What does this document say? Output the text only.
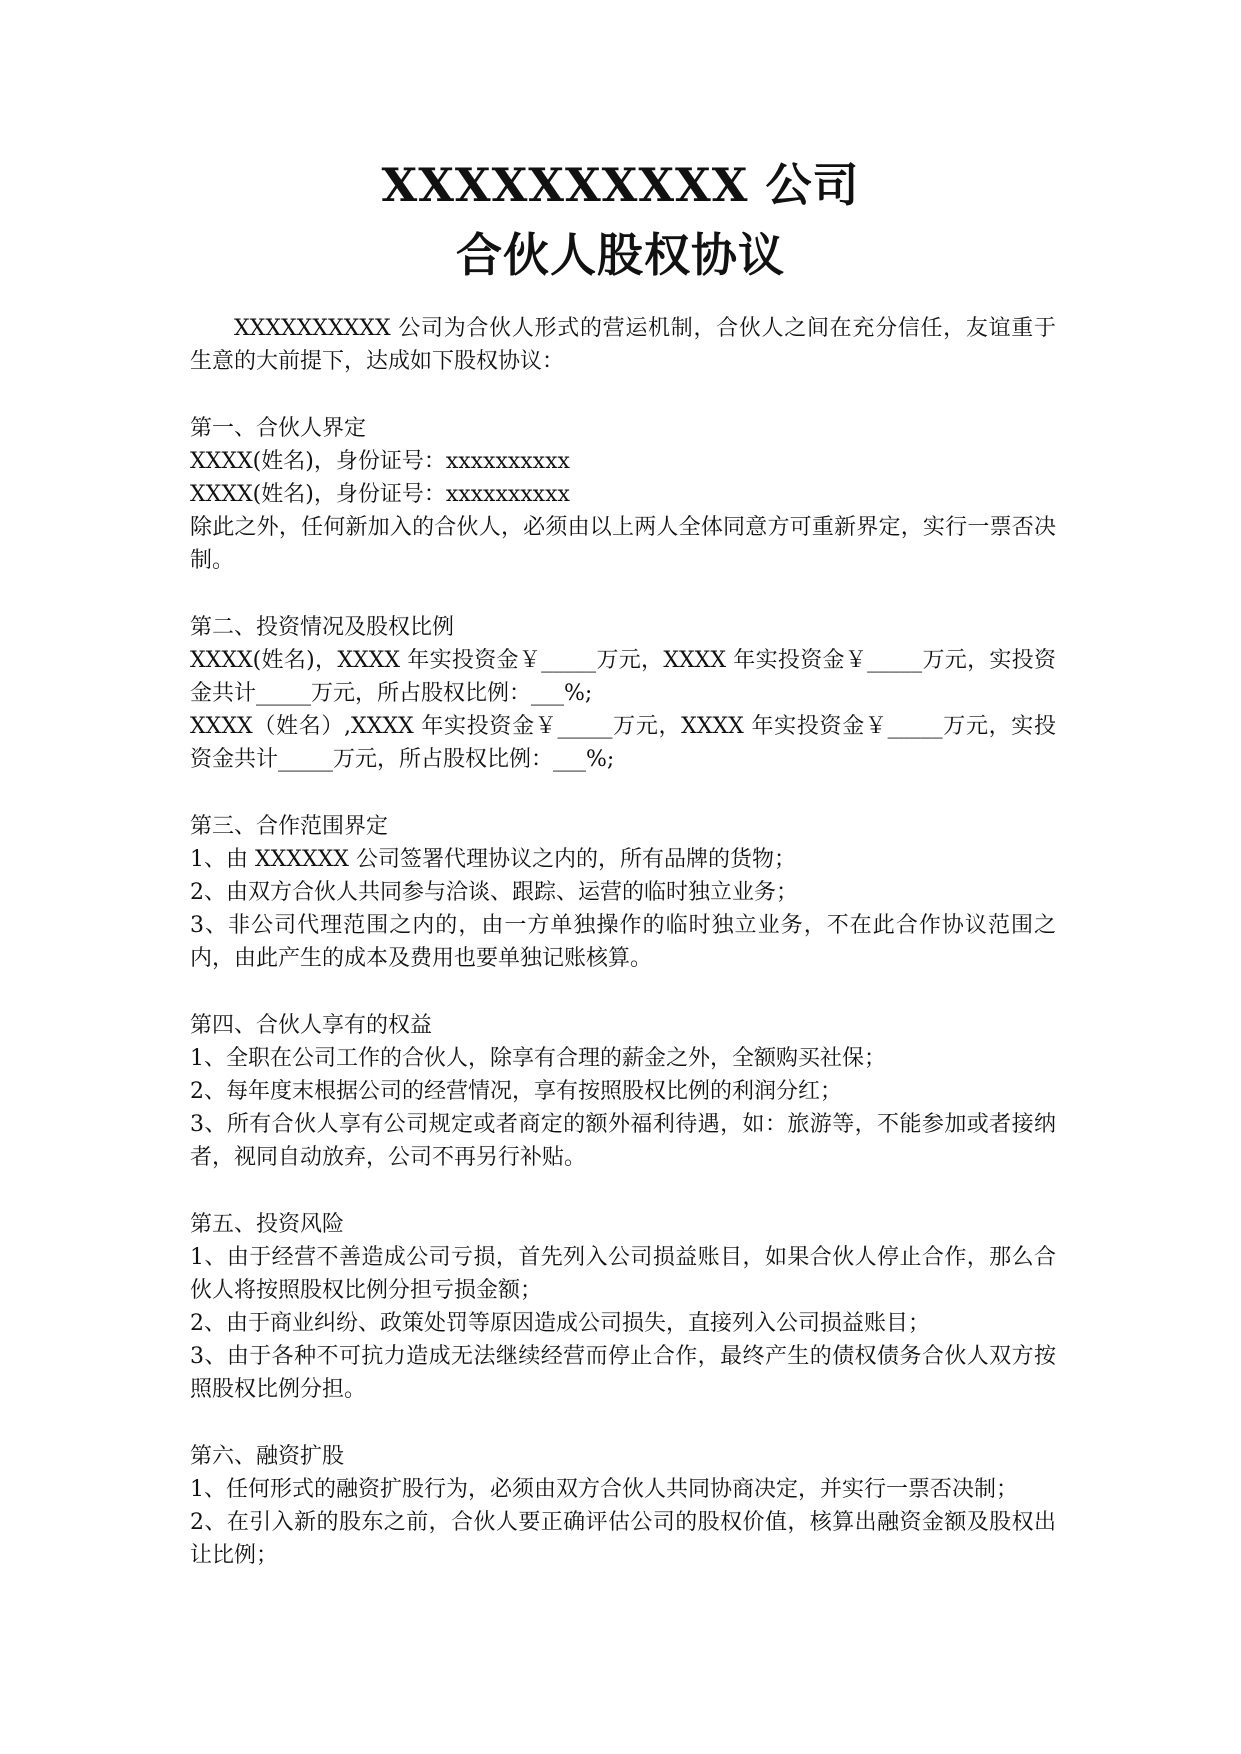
XXXXXXXXXX 公司
合伙人股权协议

XXXXXXXXXX 公司为合伙人形式的营运机制，合伙人之间在充分信任，友谊重于生意的大前提下，达成如下股权协议：

第一、合伙人界定

XXXX(姓名)，身份证号：xxxxxxxxxx

XXXX(姓名)，身份证号：xxxxxxxxxx

除此之外，任何新加入的合伙人，必须由以上两人全体同意方可重新界定，实行一票否决制。

第二、投资情况及股权比例

XXXX(姓名)，XXXX 年实投资金￥_____万元，XXXX 年实投资金￥_____万元，实投资金共计_____万元，所占股权比例：___%;

XXXX（姓名）,XXXX 年实投资金￥_____万元，XXXX 年实投资金￥_____万元，实投资金共计_____万元，所占股权比例：___%;

第三、合作范围界定

1、由 XXXXXX 公司签署代理协议之内的，所有品牌的货物；

2、由双方合伙人共同参与洽谈、跟踪、运营的临时独立业务；

3、非公司代理范围之内的，由一方单独操作的临时独立业务，不在此合作协议范围之内，由此产生的成本及费用也要单独记账核算。

第四、合伙人享有的权益

1、全职在公司工作的合伙人，除享有合理的薪金之外，全额购买社保；

2、每年度末根据公司的经营情况，享有按照股权比例的利润分红；

3、所有合伙人享有公司规定或者商定的额外福利待遇，如：旅游等，不能参加或者接纳者，视同自动放弃，公司不再另行补贴。

第五、投资风险

1、由于经营不善造成公司亏损，首先列入公司损益账目，如果合伙人停止合作，那么合伙人将按照股权比例分担亏损金额；

2、由于商业纠纷、政策处罚等原因造成公司损失，直接列入公司损益账目；

3、由于各种不可抗力造成无法继续经营而停止合作，最终产生的债权债务合伙人双方按照股权比例分担。

第六、融资扩股

1、任何形式的融资扩股行为，必须由双方合伙人共同协商决定，并实行一票否决制；

2、在引入新的股东之前，合伙人要正确评估公司的股权价值，核算出融资金额及股权出让比例；
